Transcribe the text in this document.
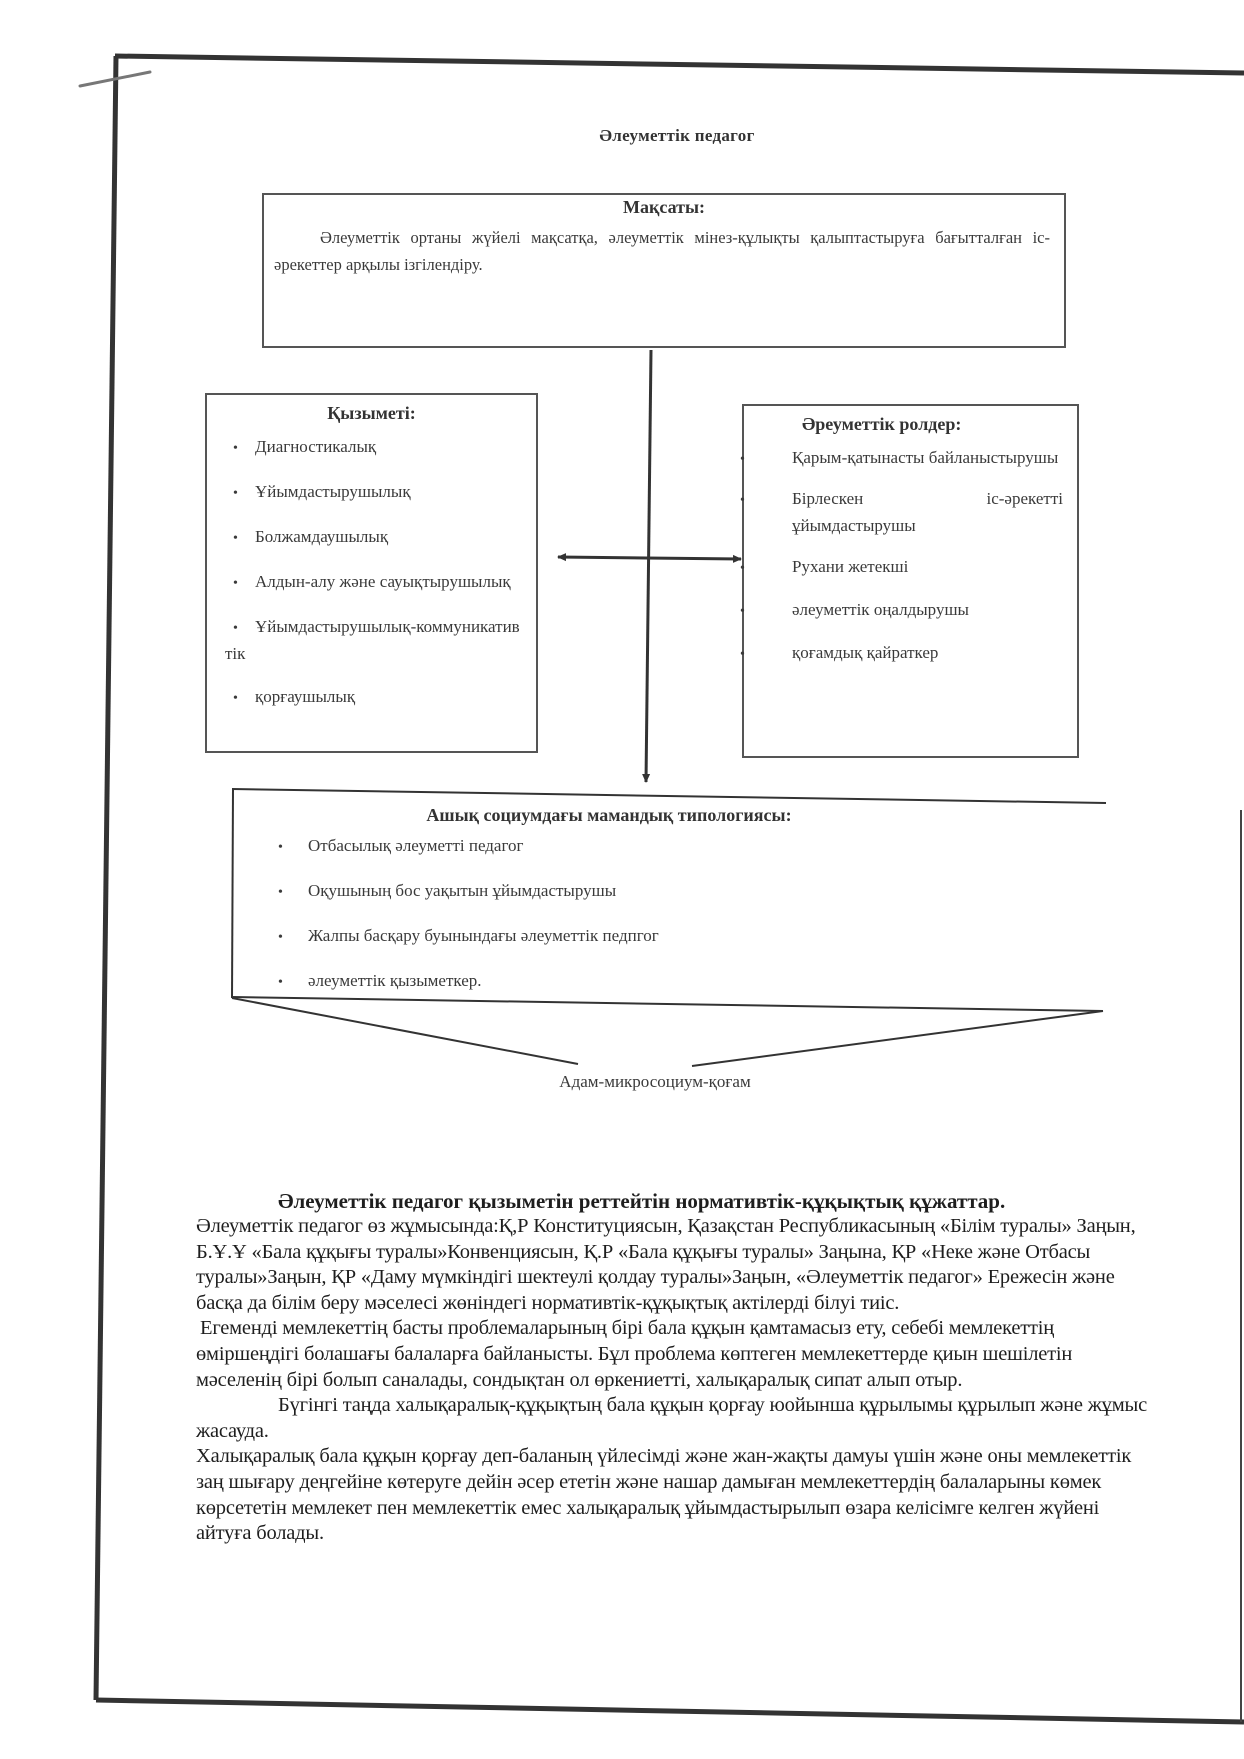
Әлеуметтік педагог
Мақсаты:
Әлеуметтік ортаны жүйелі мақсатқа, әлеуметтік мінез-құлықты қалыптастыруға бағытталған іс-әрекеттер арқылы ізгілендіру.
Қызыметі:
• Диагностикалық
• Ұйымдастырушылық
• Болжамдаушылық
• Алдын-алу және сауықтырушылық
• Ұйымдастырушылық-коммуникативтік
• қорғаушылық
Әреуметтік ролдер:
•	Қарым-қатынасты байланыстырушы
•	Бірлескен іс-әрекетті ұйымдастырушы
•	Рухани жетекші
•	әлеуметтік оңалдырушы
•	қоғамдық қайраткер
Ашық социумдағы мамандық типологиясы:
• Отбасылық әлеуметті педагог
• Оқушының бос уақытын ұйымдастырушы
• Жалпы басқару буынындағы әлеуметтік педпгог
• әлеуметтік қызыметкер.
Адам-микросоциум-қоғам
Әлеуметтік педагог қызыметін реттейтін нормативтік-құқықтық құжаттар.

Әлеуметтік педагог өз жұмысында:Қ,Р Конституциясын, Қазақстан Республикасының «Білім туралы» Заңын, Б.Ұ.Ұ «Бала құқығы туралы»Конвенциясын, Қ.Р «Бала құқығы туралы» Заңына, ҚР «Неке және Отбасы туралы»Заңын, ҚР «Даму мүмкіндігі шектеулі қолдау туралы»Заңын, «Әлеуметтік педагог» Ережесін және басқа да білім беру мәселесі жөніндегі нормативтік-құқықтық актілерді білуі тиіс.

Егеменді мемлекеттің басты проблемаларының бірі бала құқын қамтамасыз ету, себебі мемлекеттің өміршеңдігі болашағы балаларға байланысты. Бұл проблема көптеген мемлекеттерде қиын шешілетін мәселенің бірі болып саналады, сондықтан ол өркениетті, халықаралық сипат алып отыр.

Бүгінгі таңда халықаралық-құқықтың бала құқын қорғау юойынша құрылымы құрылып және жұмыс жасауда.

Халықаралық бала құқын қорғау деп-баланың үйлесімді және жан-жақты дамуы үшін және оны мемлекеттік заң шығару деңгейіне көтеруге дейін әсер ететін және нашар дамыған мемлекеттердің балаларыны көмек көрсететін мемлекет пен мемлекеттік емес халықаралық ұйымдастырылып өзара келісімге келген жүйені айтуға болады.
